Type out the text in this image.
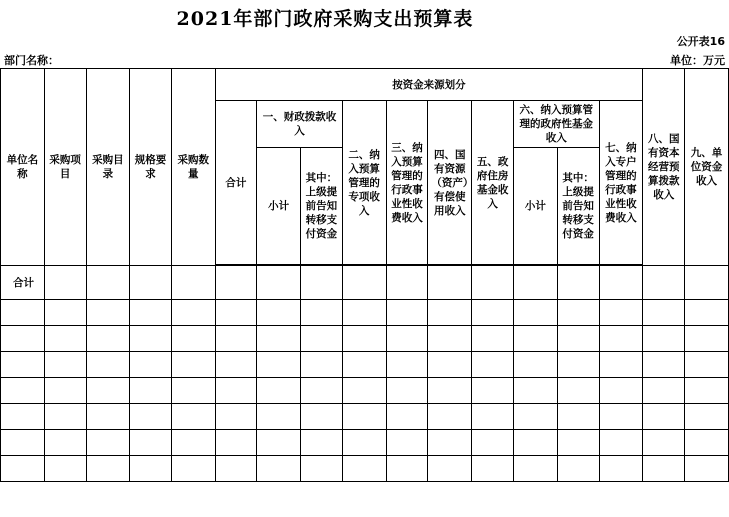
2021年部门政府采购支出预算表
公开表16
部门名称：	单位：万元
单位名称	采购项目	采购目录	规格要求	采购数量	按资金来源划分										八、国有资本经营预算拨款收入	九、单位资金收入
					合计	一、财政拨款收入		二、纳入预算管理的专项收入	三、纳入预算管理的行政事业性收费收入	四、国有资源（资产）有偿使用收入	五、政府住房基金收入	六、纳入预算管理的政府性基金收入		七、纳入专户管理的行政事业性收费收入		
						小计	其中：上级提前告知转移支付资金					小计	其中：上级提前告知转移支付资金			

合计																
